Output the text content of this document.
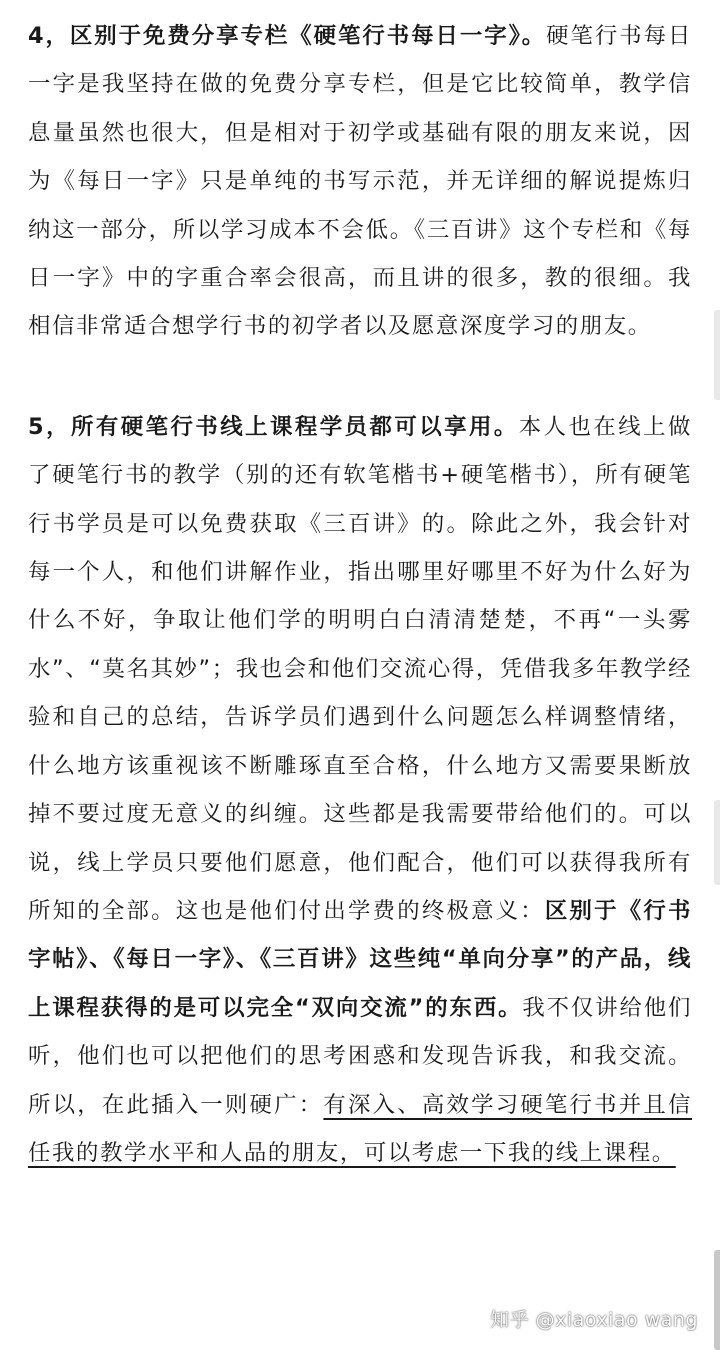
4，区别于免费分享专栏《硬笔行书每日一字》。硬笔行书每日一字是我坚持在做的免费分享专栏，但是它比较简单，教学信息量虽然也很大，但是相对于初学或基础有限的朋友来说，因为《每日一字》只是单纯的书写示范，并无详细的解说提炼归纳这一部分，所以学习成本不会低。《三百讲》这个专栏和《每日一字》中的字重合率会很高，而且讲的很多，教的很细。我相信非常适合想学行书的初学者以及愿意深度学习的朋友。

5，所有硬笔行书线上课程学员都可以享用。本人也在线上做了硬笔行书的教学（别的还有软笔楷书+硬笔楷书），所有硬笔行书学员是可以免费获取《三百讲》的。除此之外，我会针对每一个人，和他们讲解作业，指出哪里好哪里不好为什么好为什么不好，争取让他们学的明明白白清清楚楚，不再“一头雾水”、“莫名其妙”；我也会和他们交流心得，凭借我多年教学经验和自己的总结，告诉学员们遇到什么问题怎么样调整情绪，什么地方该重视该不断雕琢直至合格，什么地方又需要果断放掉不要过度无意义的纠缠。这些都是我需要带给他们的。可以说，线上学员只要他们愿意，他们配合，他们可以获得我所有所知的全部。这也是他们付出学费的终极意义：区别于《行书字帖》、《每日一字》、《三百讲》这些纯“单向分享”的产品，线上课程获得的是可以完全“双向交流”的东西。我不仅讲给他们听，他们也可以把他们的思考困惑和发现告诉我，和我交流。所以，在此插入一则硬广：有深入、高效学习硬笔行书并且信任我的教学水平和人品的朋友，可以考虑一下我的线上课程。

知乎 @xiaoxiao wang
